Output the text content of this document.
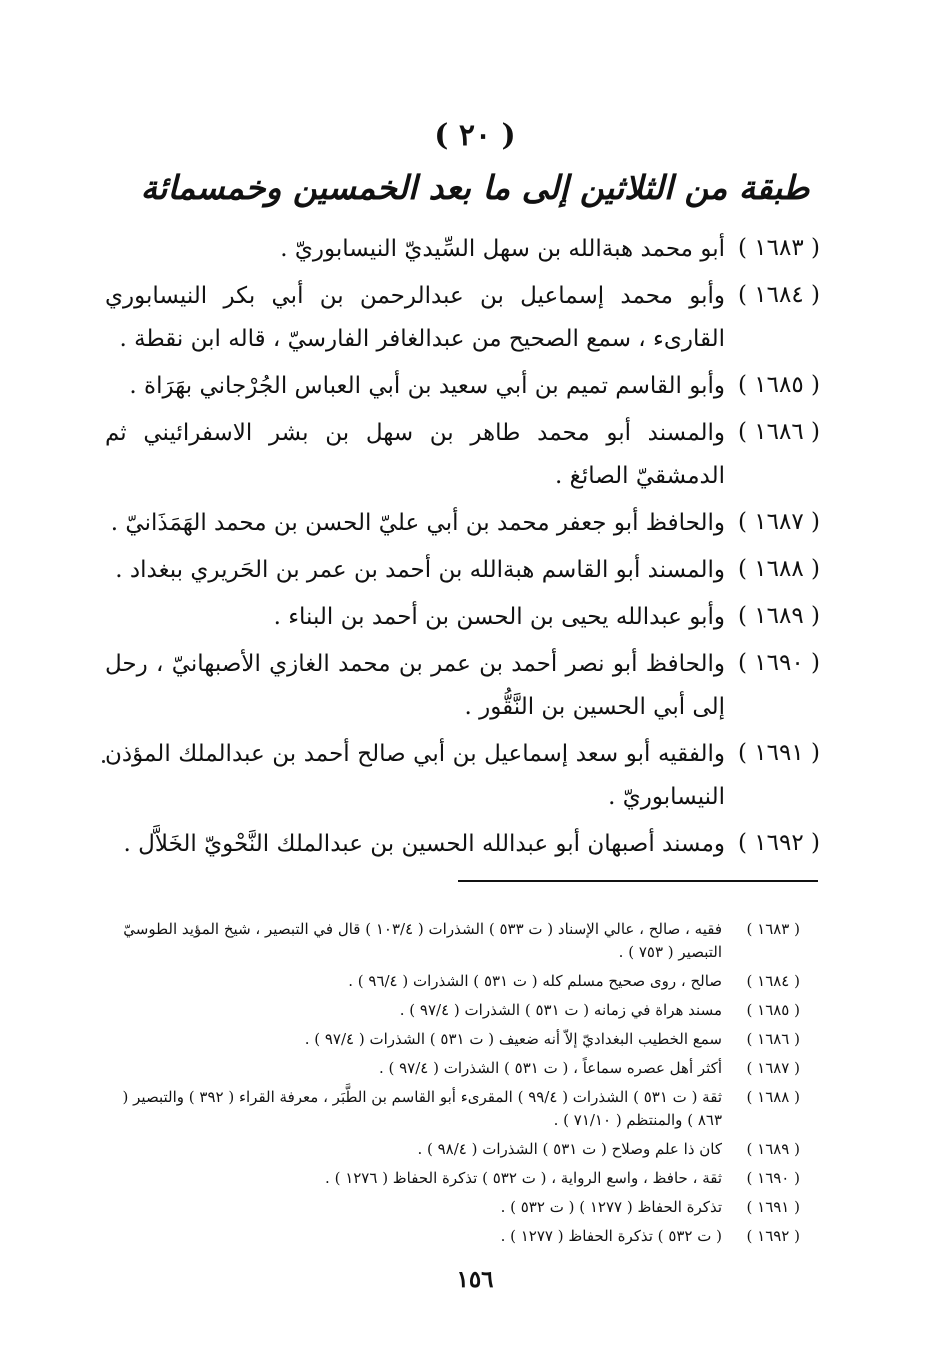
( ٢٠ )
طبقة من الثلاثين إلى ما بعد الخمسين وخمسمائة
( ١٦٨٣ )
أبو محمد هبةالله بن سهل السِّيديّ النيسابوريّ .
( ١٦٨٤ )
وأبو محمد إسماعيل بن عبدالرحمن بن أبي بكر النيسابوري القارىء ، سمع الصحيح من عبدالغافر الفارسيّ ، قاله ابن نقطة .
( ١٦٨٥ )
وأبو القاسم تميم بن أبي سعيد بن أبي العباس الجُرْجاني بهَرَاة .
( ١٦٨٦ )
والمسند أبو محمد طاهر بن سهل بن بشر الاسفرائيني ثم الدمشقيّ الصائغ .
( ١٦٨٧ )
والحافظ أبو جعفر محمد بن أبي عليّ الحسن بن محمد الهَمَذَانيّ .
( ١٦٨٨ )
والمسند أبو القاسم هبةالله بن أحمد بن عمر بن الحَريري ببغداد .
( ١٦٨٩ )
وأبو عبدالله يحيى بن الحسن بن أحمد بن البناء .
( ١٦٩٠ )
والحافظ أبو نصر أحمد بن عمر بن محمد الغازي الأصبهانيّ ، رحل إلى أبي الحسين بن النَّقُّور .
( ١٦٩١ )
والفقيه أبو سعد إسماعيل بن أبي صالح أحمد بن عبدالملك المؤذن النيسابوريّ .
( ١٦٩٢ )
ومسند أصبهان أبو عبدالله الحسين بن عبدالملك النَّحْويّ الخَلاَّل .
( ١٦٨٣ )
فقيه ، صالح ، عالي الإسناد ( ت ٥٣٣ ) الشذرات ( ١٠٣/٤ ) قال في التبصير ، شيخ المؤيد الطوسيّ التبصير ( ٧٥٣ ) .
( ١٦٨٤ )
صالح ، روى صحيح مسلم كله ( ت ٥٣١ ) الشذرات ( ٩٦/٤ ) .
( ١٦٨٥ )
مسند هراة في زمانه ( ت ٥٣١ ) الشذرات ( ٩٧/٤ ) .
( ١٦٨٦ )
سمع الخطيب البغداديّ إلاّ أنه ضعيف ( ت ٥٣١ ) الشذرات ( ٩٧/٤ ) .
( ١٦٨٧ )
أكثر أهل عصره سماعاً ، ( ت ٥٣١ ) الشذرات ( ٩٧/٤ ) .
( ١٦٨٨ )
ثقة ( ت ٥٣١ ) الشذرات ( ٩٩/٤ ) المقرىء أبو القاسم بن الطَّبَر ، معرفة القراء ( ٣٩٢ ) والتبصير ( ٨٦٣ ) والمنتظم ( ٧١/١٠ ) .
( ١٦٨٩ )
كان ذا علم وصلاح ( ت ٥٣١ ) الشذرات ( ٩٨/٤ ) .
( ١٦٩٠ )
ثقة ، حافظ ، واسع الرواية ، ( ت ٥٣٢ ) تذكرة الحفاظ ( ١٢٧٦ ) .
( ١٦٩١ )
تذكرة الحفاظ ( ١٢٧٧ ) ( ت ٥٣٢ ) .
( ١٦٩٢ )
( ت ٥٣٢ ) تذكرة الحفاظ ( ١٢٧٧ ) .
١٥٦
